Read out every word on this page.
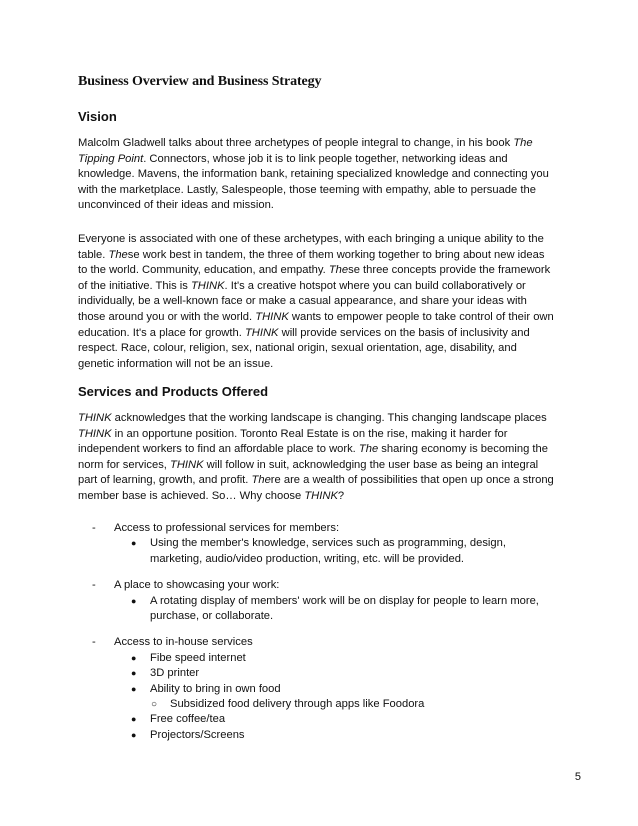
Business Overview and Business Strategy
Vision
Malcolm Gladwell talks about three archetypes of people integral to change, in his book The
Tipping Point. Connectors, whose job it is to link people together, networking ideas and
knowledge. Mavens, the information bank, retaining specialized knowledge and connecting you
with the marketplace. Lastly, Salespeople, those teeming with empathy, able to persuade the
unconvinced of their ideas and mission.
Everyone is associated with one of these archetypes, with each bringing a unique ability to the
table. These work best in tandem, the three of them working together to bring about new ideas
to the world. Community, education, and empathy. These three concepts provide the framework
of the initiative. This is THINK. It's a creative hotspot where you can build collaboratively or
individually, be a well-known face or make a casual appearance, and share your ideas with
those around you or with the world. THINK wants to empower people to take control of their own
education. It's a place for growth. THINK will provide services on the basis of inclusivity and
respect. Race, colour, religion, sex, national origin, sexual orientation, age, disability, and
genetic information will not be an issue.
Services and Products Offered
THINK acknowledges that the working landscape is changing. This changing landscape places
THINK in an opportune position. Toronto Real Estate is on the rise, making it harder for
independent workers to find an affordable place to work. The sharing economy is becoming the
norm for services, THINK will follow in suit, acknowledging the user base as being an integral
part of learning, growth, and profit. There are a wealth of possibilities that open up once a strong
member base is achieved. So… Why choose THINK?
- Access to professional services for members:
● Using the member's knowledge, services such as programming, design,
marketing, audio/video production, writing, etc. will be provided.
- A place to showcasing your work:
● A rotating display of members' work will be on display for people to learn more,
purchase, or collaborate.
- Access to in-house services
● Fibe speed internet
● 3D printer
● Ability to bring in own food
○ Subsidized food delivery through apps like Foodora
● Free coffee/tea
● Projectors/Screens
5
